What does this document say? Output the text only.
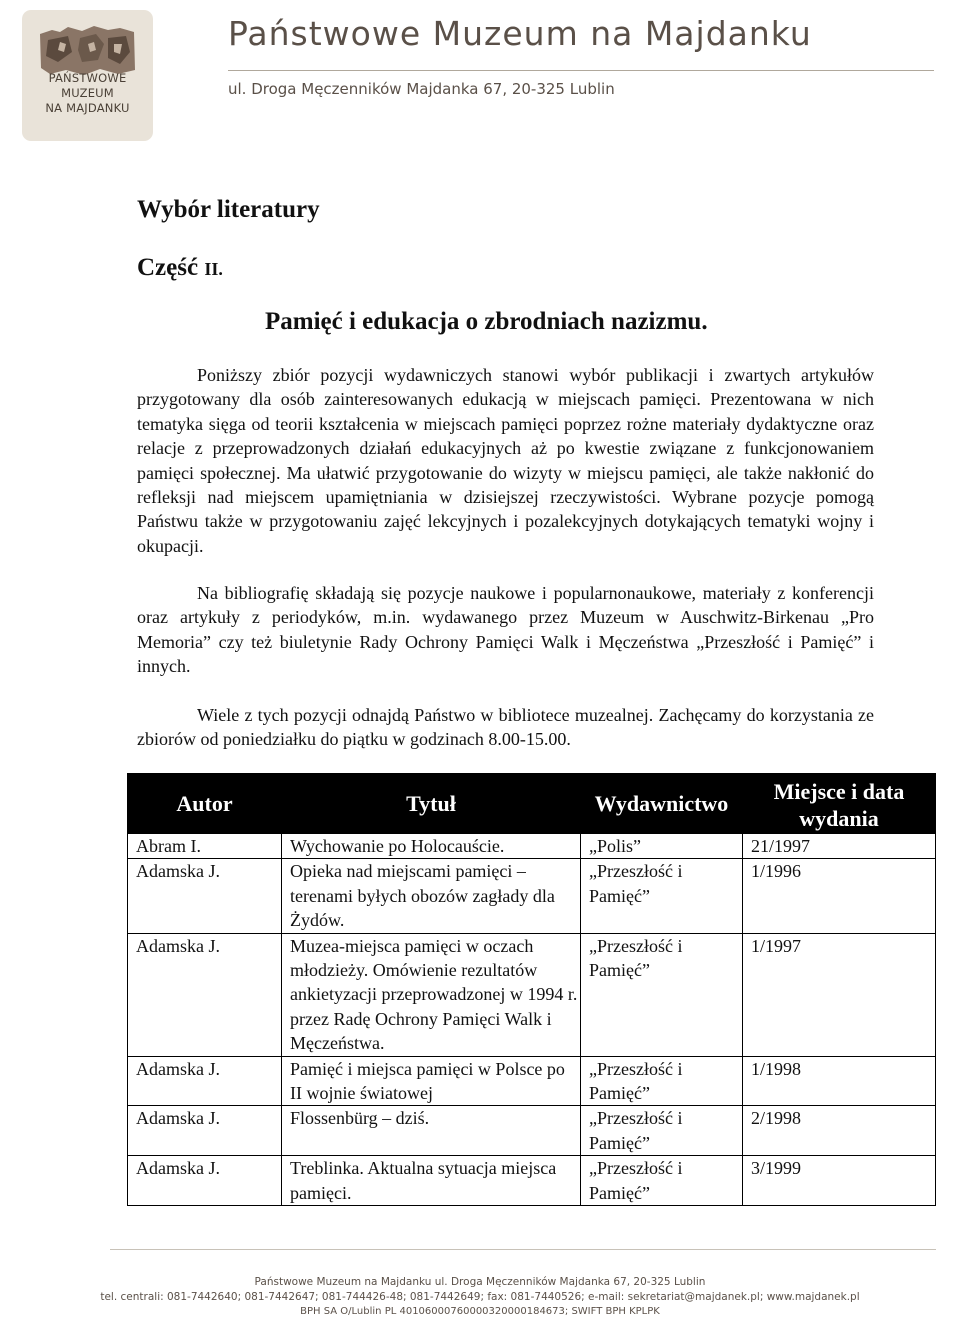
PAŃSTWOWE
MUZEUM
NA MAJDANKU
Państwowe Muzeum na Majdanku
ul. Droga Męczenników Majdanka 67, 20-325 Lublin
Wybór literatury
Część II.
Pamięć i edukacja o zbrodniach nazizmu.

Poniższy zbiór pozycji wydawniczych stanowi wybór publikacji i zwartych artykułów przygotowany dla osób zainteresowanych edukacją w miejscach pamięci. Prezentowana w nich tematyka sięga od teorii kształcenia w miejscach pamięci poprzez rożne materiały dydaktyczne oraz relacje z przeprowadzonych działań edukacyjnych aż po kwestie związane z funkcjonowaniem pamięci społecznej. Ma ułatwić przygotowanie do wizyty w miejscu pamięci, ale także nakłonić do refleksji nad miejscem upamiętniania w dzisiejszej rzeczywistości. Wybrane pozycje pomogą Państwu także w przygotowaniu zajęć lekcyjnych i pozalekcyjnych dotykających tematyki wojny i okupacji.

Na bibliografię składają się pozycje naukowe i popularnonaukowe, materiały z konferencji oraz artykuły z periodyków, m.in. wydawanego przez Muzeum w Auschwitz-Birkenau „Pro Memoria” czy też biuletynie Rady Ochrony Pamięci Walk i Męczeństwa „Przeszłość i Pamięć” i innych.

Wiele z tych pozycji odnajdą Państwo w bibliotece muzealnej. Zachęcamy do korzystania ze zbiorów od poniedziałku do piątku w godzinach 8.00-15.00.

Autor	Tytuł	Wydawnictwo	Miejsce i data wydania
Abram I.	Wychowanie po Holocauście.	„Polis”	21/1997
Adamska J.	Opieka nad miejscami pamięci – terenami byłych obozów zagłady dla Żydów.	„Przeszłość i Pamięć”	1/1996
Adamska J.	Muzea-miejsca pamięci w oczach młodzieży. Omówienie rezultatów ankietyzacji przeprowadzonej w 1994 r. przez Radę Ochrony Pamięci Walk i Męczeństwa.	„Przeszłość i Pamięć”	1/1997
Adamska J.	Pamięć i miejsca pamięci w Polsce po II wojnie światowej	„Przeszłość i Pamięć”	1/1998
Adamska J.	Flossenbürg – dziś.	„Przeszłość i Pamięć”	2/1998
Adamska J.	Treblinka. Aktualna sytuacja miejsca pamięci.	„Przeszłość i Pamięć”	3/1999
Państwowe Muzeum na Majdanku ul. Droga Męczenników Majdanka 67, 20-325 Lublin
tel. centrali: 081-7442640; 081-7442647; 081-744426-48; 081-7442649; fax: 081-7440526; e-mail: sekretariat@majdanek.pl; www.majdanek.pl
BPH SA O/Lublin PL 40106000760000320000184673; SWIFT BPH KPLPK
